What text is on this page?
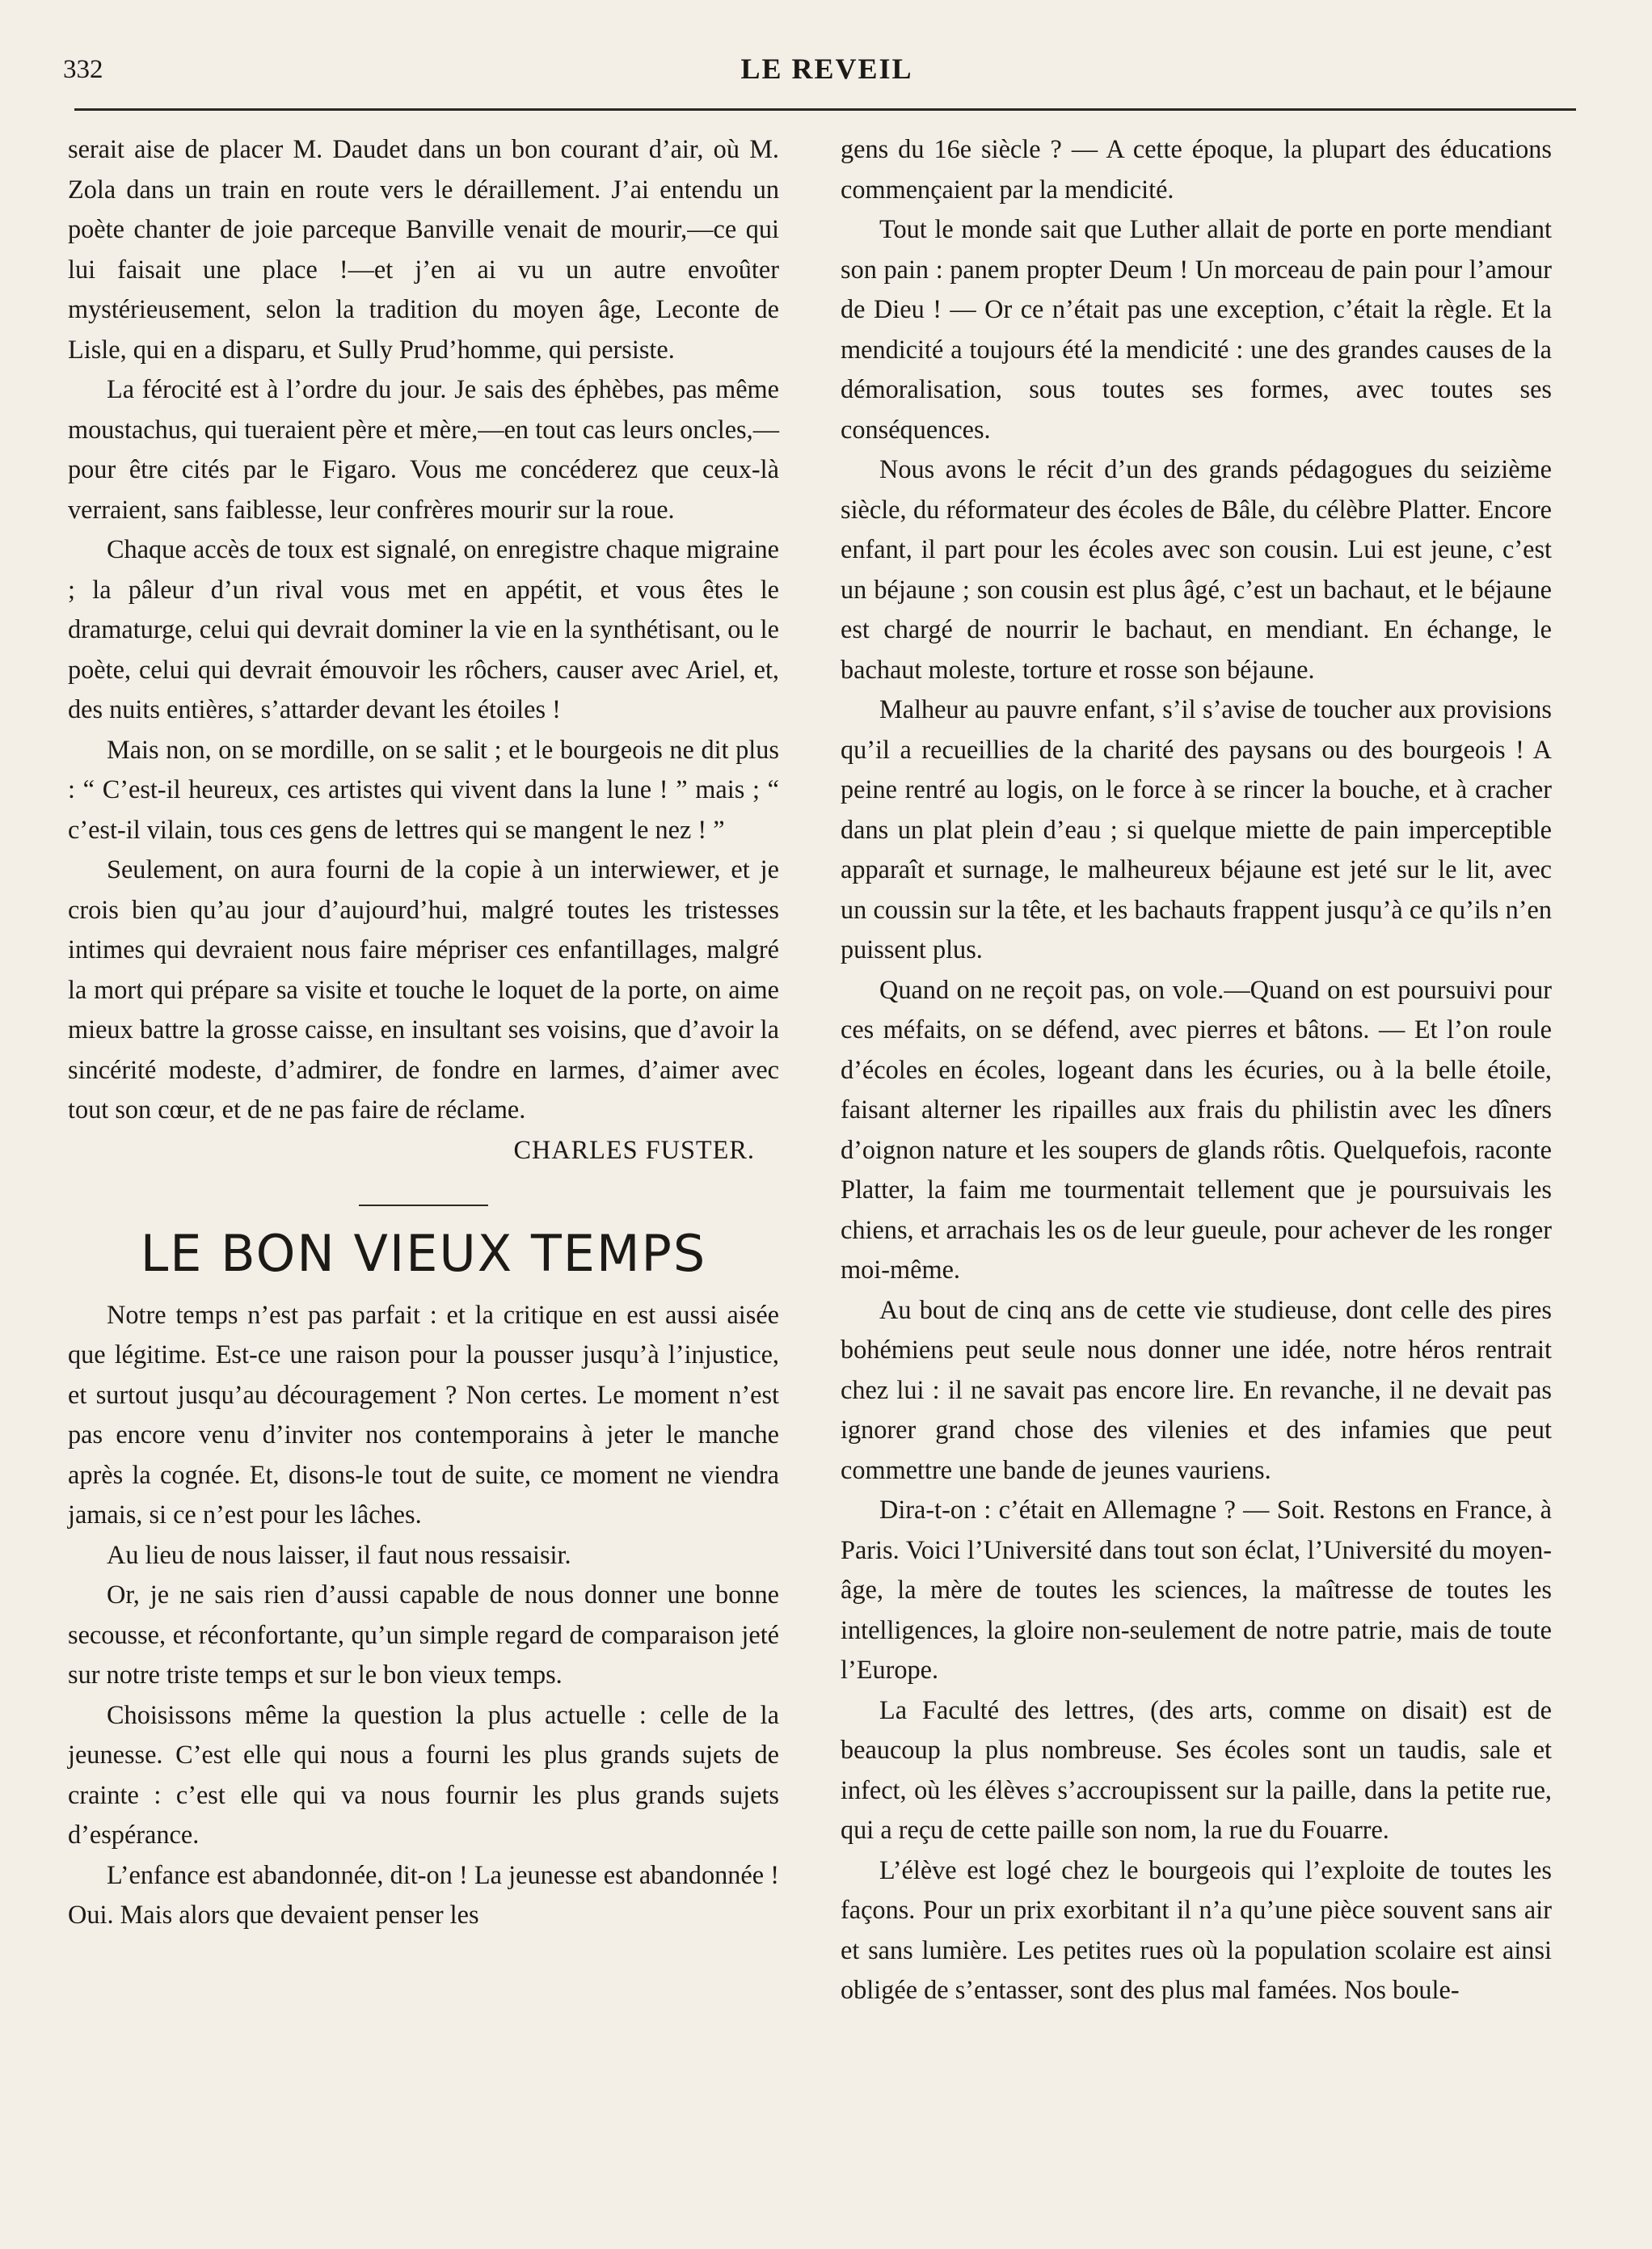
332	LE REVEIL

serait aise de placer M. Daudet dans un bon courant d’air, où M. Zola dans un train en route vers le déraillement. J’ai entendu un poète chanter de joie parceque Banville venait de mourir,—ce qui lui faisait une place !—et j’en ai vu un autre envoûter mystérieusement, selon la tradition du moyen âge, Leconte de Lisle, qui en a disparu, et Sully Prud’homme, qui persiste.

La férocité est à l’ordre du jour. Je sais des éphèbes, pas même moustachus, qui tueraient père et mère,—en tout cas leurs oncles,—pour être cités par le Figaro. Vous me concéderez que ceux-là verraient, sans faiblesse, leur confrères mourir sur la roue.

Chaque accès de toux est signalé, on enregistre chaque migraine ; la pâleur d’un rival vous met en appétit, et vous êtes le dramaturge, celui qui devrait dominer la vie en la synthétisant, ou le poète, celui qui devrait émouvoir les rôchers, causer avec Ariel, et, des nuits entières, s’attarder devant les étoiles !

Mais non, on se mordille, on se salit ; et le bourgeois ne dit plus : “ C’est-il heureux, ces artistes qui vivent dans la lune ! ” mais ; “ c’est-il vilain, tous ces gens de lettres qui se mangent le nez ! ”

Seulement, on aura fourni de la copie à un interwiewer, et je crois bien qu’au jour d’aujourd’hui, malgré toutes les tristesses intimes qui devraient nous faire mépriser ces enfantillages, malgré la mort qui prépare sa visite et touche le loquet de la porte, on aime mieux battre la grosse caisse, en insultant ses voisins, que d’avoir la sincérité modeste, d’admirer, de fondre en larmes, d’aimer avec tout son cœur, et de ne pas faire de réclame.

CHARLES FUSTER.

LE BON VIEUX TEMPS

Notre temps n’est pas parfait : et la critique en est aussi aisée que légitime. Est-ce une raison pour la pousser jusqu’à l’injustice, et surtout jusqu’au découragement ? Non certes. Le moment n’est pas encore venu d’inviter nos contemporains à jeter le manche après la cognée. Et, disons-le tout de suite, ce moment ne viendra jamais, si ce n’est pour les lâches.

Au lieu de nous laisser, il faut nous ressaisir.

Or, je ne sais rien d’aussi capable de nous donner une bonne secousse, et réconfortante, qu’un simple regard de comparaison jeté sur notre triste temps et sur le bon vieux temps.

Choisissons même la question la plus actuelle : celle de la jeunesse. C’est elle qui nous a fourni les plus grands sujets de crainte : c’est elle qui va nous fournir les plus grands sujets d’espérance.

L’enfance est abandonnée, dit-on ! La jeunesse est abandonnée ! Oui. Mais alors que devaient penser les

gens du 16e siècle ? — A cette époque, la plupart des éducations commençaient par la mendicité.

Tout le monde sait que Luther allait de porte en porte mendiant son pain : panem propter Deum ! Un morceau de pain pour l’amour de Dieu ! — Or ce n’était pas une exception, c’était la règle. Et la mendicité a toujours été la mendicité : une des grandes causes de la démoralisation, sous toutes ses formes, avec toutes ses conséquences.

Nous avons le récit d’un des grands pédagogues du seizième siècle, du réformateur des écoles de Bâle, du célèbre Platter. Encore enfant, il part pour les écoles avec son cousin. Lui est jeune, c’est un béjaune ; son cousin est plus âgé, c’est un bachaut, et le béjaune est chargé de nourrir le bachaut, en mendiant. En échange, le bachaut moleste, torture et rosse son béjaune.

Malheur au pauvre enfant, s’il s’avise de toucher aux provisions qu’il a recueillies de la charité des paysans ou des bourgeois ! A peine rentré au logis, on le force à se rincer la bouche, et à cracher dans un plat plein d’eau ; si quelque miette de pain imperceptible apparaît et surnage, le malheureux béjaune est jeté sur le lit, avec un coussin sur la tête, et les bachauts frappent jusqu’à ce qu’ils n’en puissent plus.

Quand on ne reçoit pas, on vole.—Quand on est poursuivi pour ces méfaits, on se défend, avec pierres et bâtons. — Et l’on roule d’écoles en écoles, logeant dans les écuries, ou à la belle étoile, faisant alterner les ripailles aux frais du philistin avec les dîners d’oignon nature et les soupers de glands rôtis. Quelquefois, raconte Platter, la faim me tourmentait tellement que je poursuivais les chiens, et arrachais les os de leur gueule, pour achever de les ronger moi-même.

Au bout de cinq ans de cette vie studieuse, dont celle des pires bohémiens peut seule nous donner une idée, notre héros rentrait chez lui : il ne savait pas encore lire. En revanche, il ne devait pas ignorer grand chose des vilenies et des infamies que peut commettre une bande de jeunes vauriens.

Dira-t-on : c’était en Allemagne ? — Soit. Restons en France, à Paris. Voici l’Université dans tout son éclat, l’Université du moyen-âge, la mère de toutes les sciences, la maîtresse de toutes les intelligences, la gloire non-seulement de notre patrie, mais de toute l’Europe.

La Faculté des lettres, (des arts, comme on disait) est de beaucoup la plus nombreuse. Ses écoles sont un taudis, sale et infect, où les élèves s’accroupissent sur la paille, dans la petite rue, qui a reçu de cette paille son nom, la rue du Fouarre.

L’élève est logé chez le bourgeois qui l’exploite de toutes les façons. Pour un prix exorbitant il n’a qu’une pièce souvent sans air et sans lumière. Les petites rues où la population scolaire est ainsi obligée de s’entasser, sont des plus mal famées. Nos boule-
